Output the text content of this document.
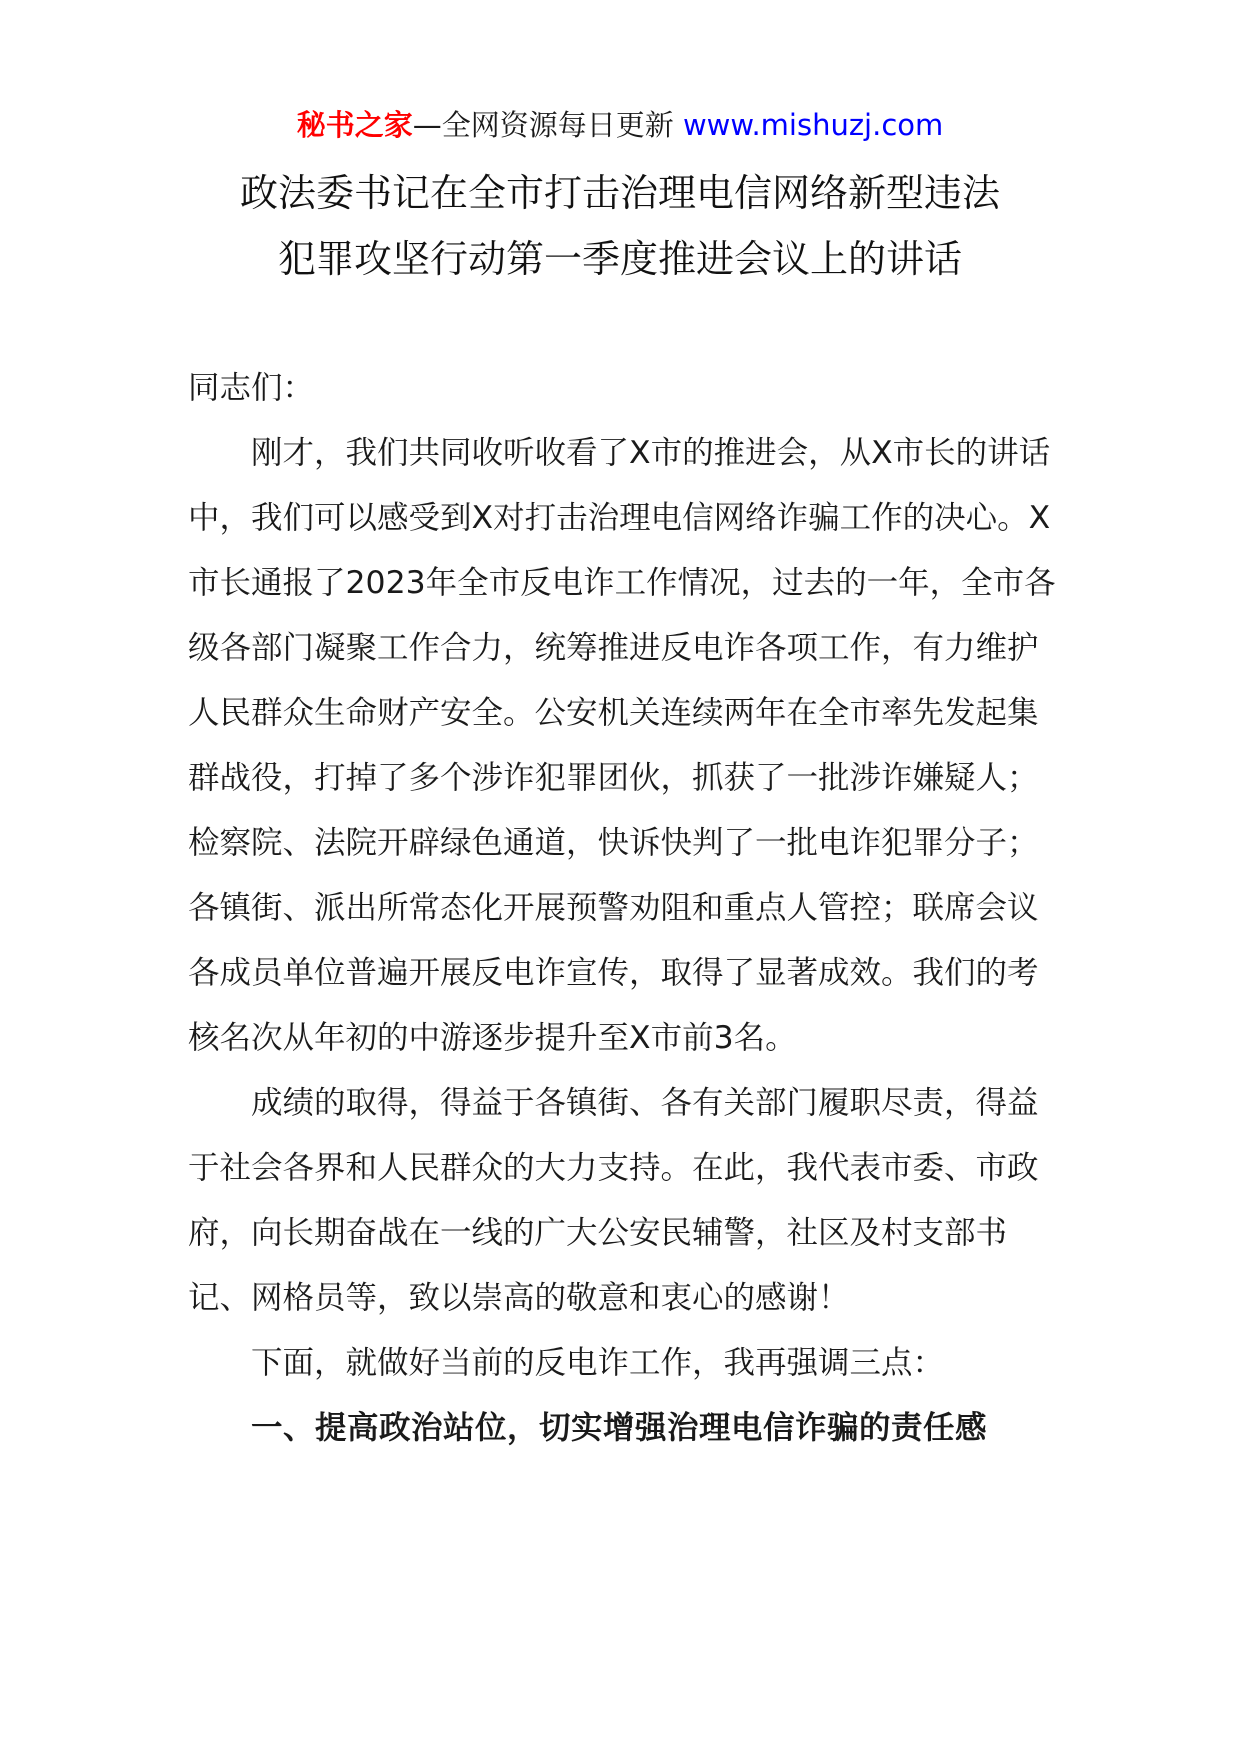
秘书之家—全网资源每日更新 www.mishuzj.com
政法委书记在全市打击治理电信网络新型违法
犯罪攻坚行动第一季度推进会议上的讲话

同志们：

刚才，我们共同收听收看了X市的推进会，从X市长的讲话中，我们可以感受到X对打击治理电信网络诈骗工作的决心。X市长通报了2023年全市反电诈工作情况，过去的一年，全市各级各部门凝聚工作合力，统筹推进反电诈各项工作，有力维护人民群众生命财产安全。公安机关连续两年在全市率先发起集群战役，打掉了多个涉诈犯罪团伙，抓获了一批涉诈嫌疑人；检察院、法院开辟绿色通道，快诉快判了一批电诈犯罪分子；各镇街、派出所常态化开展预警劝阻和重点人管控；联席会议各成员单位普遍开展反电诈宣传，取得了显著成效。我们的考核名次从年初的中游逐步提升至X市前3名。

成绩的取得，得益于各镇街、各有关部门履职尽责，得益于社会各界和人民群众的大力支持。在此，我代表市委、市政府，向长期奋战在一线的广大公安民辅警，社区及村支部书记、网格员等，致以崇高的敬意和衷心的感谢！

下面，就做好当前的反电诈工作，我再强调三点：

一、提高政治站位，切实增强治理电信诈骗的责任感
